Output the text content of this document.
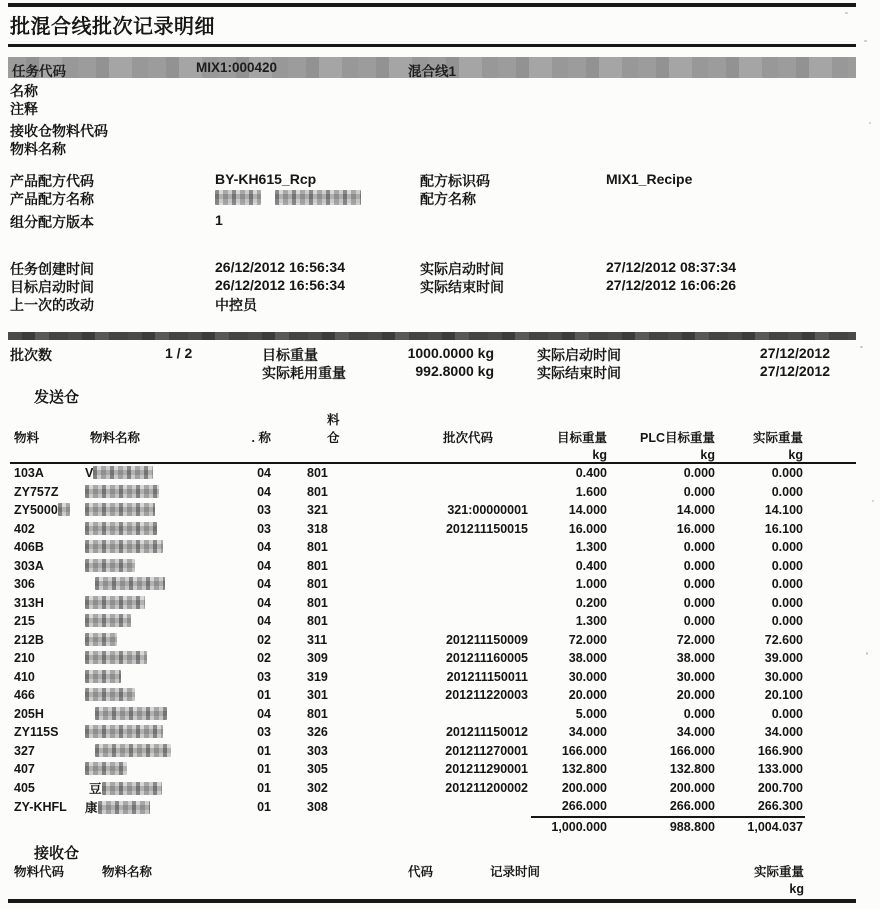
批混合线批次记录明细
任务代码	MIX1:000420	混合线1
名称
注释
接收仓物料代码
物料名称
产品配方代码	BY-KH615_Rcp	配方标识码	MIX1_Recipe
产品配方名称	配方名称
组分配方版本	1
任务创建时间	26/12/2012 16:56:34	实际启动时间	27/12/2012 08:37:34
目标启动时间	26/12/2012 16:56:34	实际结束时间	27/12/2012 16:06:26
上一次的改动	中控员
批次数	1 / 2	目标重量	1000.0000 kg	实际启动时间	27/12/2012
实际耗用重量	992.8000 kg	实际结束时间	27/12/2012
发送仓
物料	物料名称	. 称	料仓	批次代码	目标重量	PLC目标重量	实际重量	
					kg	kg	kg	
103A	V	04	801		0.400	0.000	0.000	
ZY757Z		04	801		1.600	0.000	0.000	
ZY5000		03	321	321:00000001	14.000	14.000	14.100	
402		03	318	201211150015	16.000	16.000	16.100	
406B		04	801		1.300	0.000	0.000	
303A		04	801		0.400	0.000	0.000	
306		04	801		1.000	0.000	0.000	
313H		04	801		0.200	0.000	0.000	
215		04	801		1.300	0.000	0.000	
212B		02	311	201211150009	72.000	72.000	72.600	
210		02	309	201211160005	38.000	38.000	39.000	
410		03	319	201211150011	30.000	30.000	30.000	
466		01	301	201211220003	20.000	20.000	20.100	
205H		04	801		5.000	0.000	0.000	
ZY115S		03	326	201211150012	34.000	34.000	34.000	
327		01	303	201211270001	166.000	166.000	166.900	
407		01	305	201211290001	132.800	132.800	133.000	
405	豆	01	302	201211200002	200.000	200.000	200.700	
ZY-KHFL	康	01	308		266.000	266.000	266.300	
					1,000.000	988.800	1,004.037	
接收仓
物料代码	物料名称	代码	记录时间	实际重量
				kg
